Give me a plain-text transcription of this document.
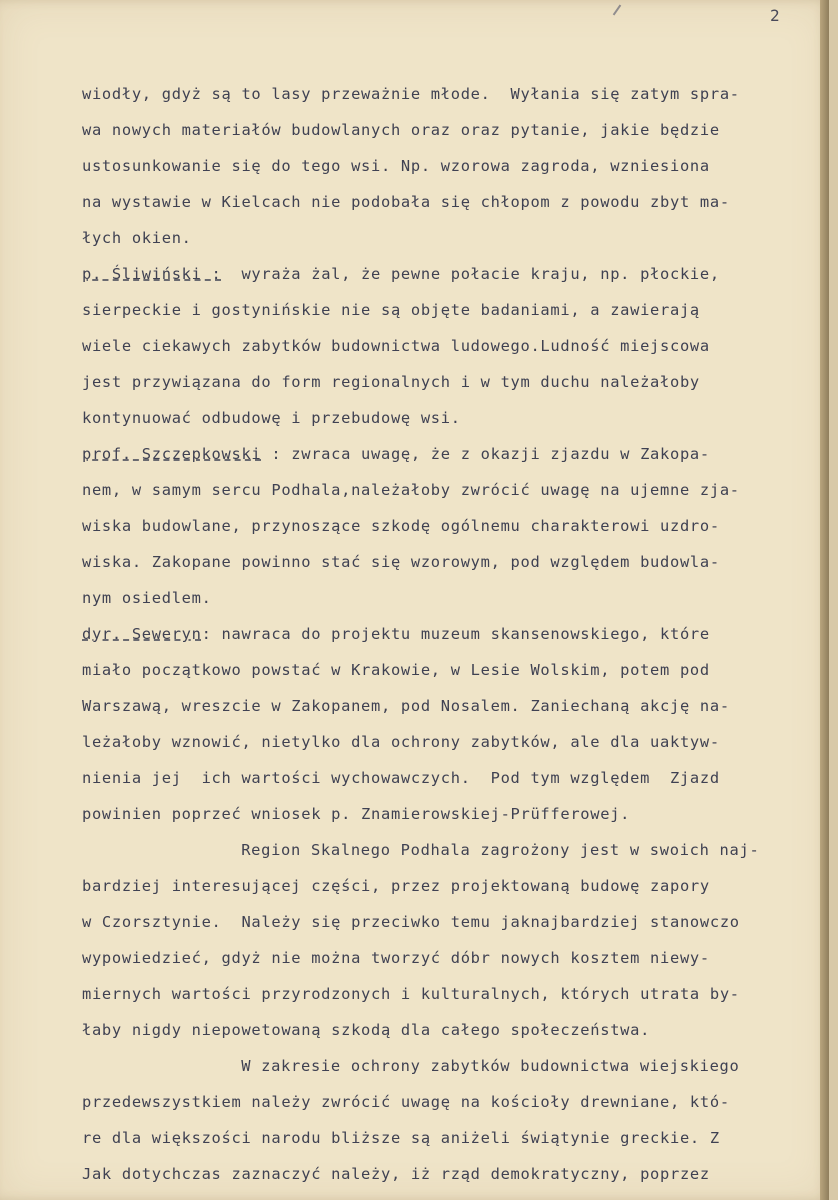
2
wiodły, gdyż są to lasy przeważnie młode.  Wyłania się zatym spra-
wa nowych materiałów budowlanych oraz oraz pytanie, jakie będzie
ustosunkowanie się do tego wsi. Np. wzorowa zagroda, wzniesiona
na wystawie w Kielcach nie podobała się chłopom z powodu zbyt ma-
łych okien.
p. Śliwiński :  wyraża żal, że pewne połacie kraju, np. płockie,
sierpeckie i gostynińskie nie są objęte badaniami, a zawierają
wiele ciekawych zabytków budownictwa ludowego.Ludność miejscowa
jest przywiązana do form regionalnych i w tym duchu należałoby
kontynuować odbudowę i przebudowę wsi.
prof. Szczepkowski : zwraca uwagę, że z okazji zjazdu w Zakopa-
nem, w samym sercu Podhala,należałoby zwrócić uwagę na ujemne zja-
wiska budowlane, przynoszące szkodę ogólnemu charakterowi uzdro-
wiska. Zakopane powinno stać się wzorowym, pod względem budowla-
nym osiedlem.
dyr. Seweryn: nawraca do projektu muzeum skansenowskiego, które
miało początkowo powstać w Krakowie, w Lesie Wolskim, potem pod
Warszawą, wreszcie w Zakopanem, pod Nosalem. Zaniechaną akcję na-
leżałoby wznowić, nietylko dla ochrony zabytków, ale dla uaktyw-
nienia jej  ich wartości wychowawczych.  Pod tym względem  Zjazd
powinien poprzeć wniosek p. Znamierowskiej-Prüfferowej.
Region Skalnego Podhala zagrożony jest w swoich naj-
bardziej interesującej części, przez projektowaną budowę zapory
w Czorsztynie.  Należy się przeciwko temu jaknajbardziej stanowczo
wypowiedzieć, gdyż nie można tworzyć dóbr nowych kosztem niewy-
miernych wartości przyrodzonych i kulturalnych, których utrata by-
łaby nigdy niepowetowaną szkodą dla całego społeczeństwa.
W zakresie ochrony zabytków budownictwa wiejskiego
przedewszystkiem należy zwrócić uwagę na kościoły drewniane, któ-
re dla większości narodu bliższe są aniżeli świątynie greckie. Z
Jak dotychczas zaznaczyć należy, iż rząd demokratyczny, poprzez
